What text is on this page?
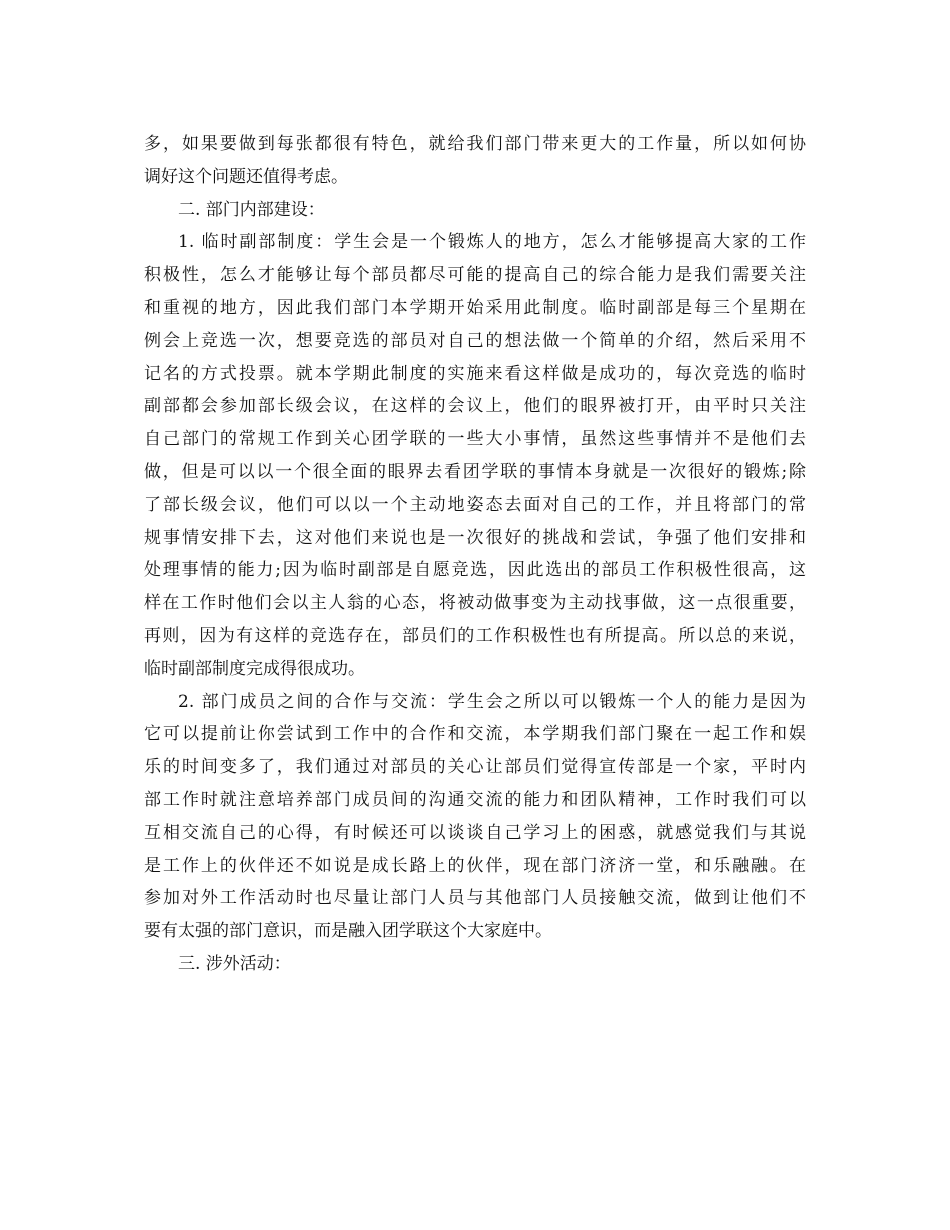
多，如果要做到每张都很有特色，就给我们部门带来更大的工作量，所以如何协
调好这个问题还值得考虑。
二. 部门内部建设：
1. 临时副部制度：学生会是一个锻炼人的地方，怎么才能够提高大家的工作
积极性，怎么才能够让每个部员都尽可能的提高自己的综合能力是我们需要关注
和重视的地方，因此我们部门本学期开始采用此制度。临时副部是每三个星期在
例会上竞选一次，想要竞选的部员对自己的想法做一个简单的介绍，然后采用不
记名的方式投票。就本学期此制度的实施来看这样做是成功的，每次竞选的临时
副部都会参加部长级会议，在这样的会议上，他们的眼界被打开，由平时只关注
自己部门的常规工作到关心团学联的一些大小事情，虽然这些事情并不是他们去
做，但是可以以一个很全面的眼界去看团学联的事情本身就是一次很好的锻炼;除
了部长级会议，他们可以以一个主动地姿态去面对自己的工作，并且将部门的常
规事情安排下去，这对他们来说也是一次很好的挑战和尝试，争强了他们安排和
处理事情的能力;因为临时副部是自愿竞选，因此选出的部员工作积极性很高，这
样在工作时他们会以主人翁的心态，将被动做事变为主动找事做，这一点很重要，
再则，因为有这样的竞选存在，部员们的工作积极性也有所提高。所以总的来说，
临时副部制度完成得很成功。
2. 部门成员之间的合作与交流：学生会之所以可以锻炼一个人的能力是因为
它可以提前让你尝试到工作中的合作和交流，本学期我们部门聚在一起工作和娱
乐的时间变多了，我们通过对部员的关心让部员们觉得宣传部是一个家，平时内
部工作时就注意培养部门成员间的沟通交流的能力和团队精神，工作时我们可以
互相交流自己的心得，有时候还可以谈谈自己学习上的困惑，就感觉我们与其说
是工作上的伙伴还不如说是成长路上的伙伴，现在部门济济一堂，和乐融融。在
参加对外工作活动时也尽量让部门人员与其他部门人员接触交流，做到让他们不
要有太强的部门意识，而是融入团学联这个大家庭中。
三. 涉外活动：
